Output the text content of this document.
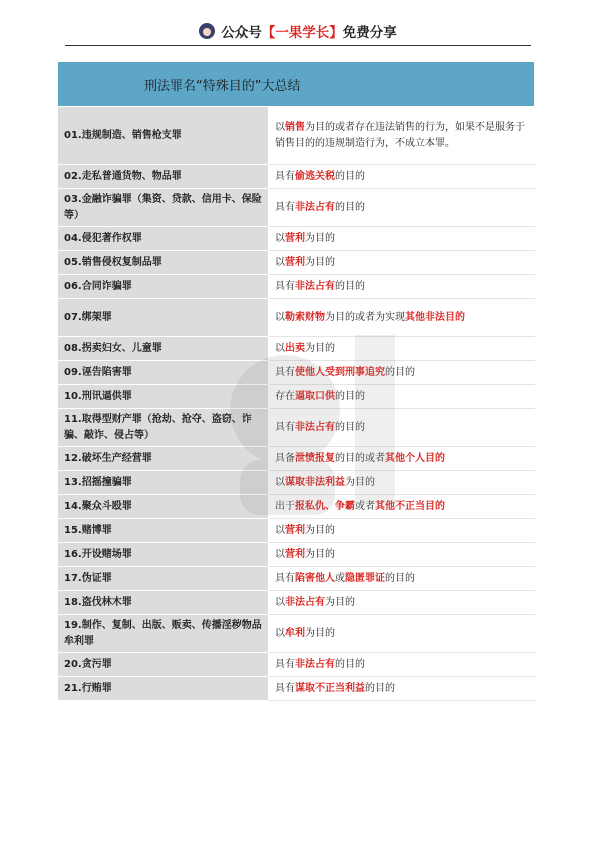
公众号 【 一果学长 】 免费分享
刑法罪名“特殊目的”大总结	
01.违规制造、销售枪支罪	以销售为目的或者存在违法销售的行为，如果不是服务于销售目的的违规制造行为，不成立本罪。
02.走私普通货物、物品罪	具有偷逃关税的目的
03.金融诈骗罪（集资、贷款、信用卡、保险等）	具有非法占有的目的
04.侵犯著作权罪	以营利为目的
05.销售侵权复制品罪	以营利为目的
06.合同诈骗罪	具有非法占有的目的
07.绑架罪	以勒索财物为目的或者为实现其他非法目的
08.拐卖妇女、儿童罪	以出卖为目的
09.诬告陷害罪	具有使他人受到刑事追究的目的
10.刑讯逼供罪	存在逼取口供的目的
11.取得型财产罪（抢劫、抢夺、盗窃、诈骗、敲诈、侵占等）	具有非法占有的目的
12.破坏生产经营罪	具备泄愤报复的目的或者其他个人目的
13.招摇撞骗罪	以谋取非法利益为目的
14.聚众斗殴罪	出于报私仇、争霸或者其他不正当目的
15.赌博罪	以营利为目的
16.开设赌场罪	以营利为目的
17.伪证罪	具有陷害他人或隐匿罪证的目的
18.盗伐林木罪	以非法占有为目的
19.制作、复制、出版、贩卖、传播淫秽物品牟利罪	以牟利为目的
20.贪污罪	具有非法占有的目的
21.行贿罪	具有谋取不正当利益的目的
